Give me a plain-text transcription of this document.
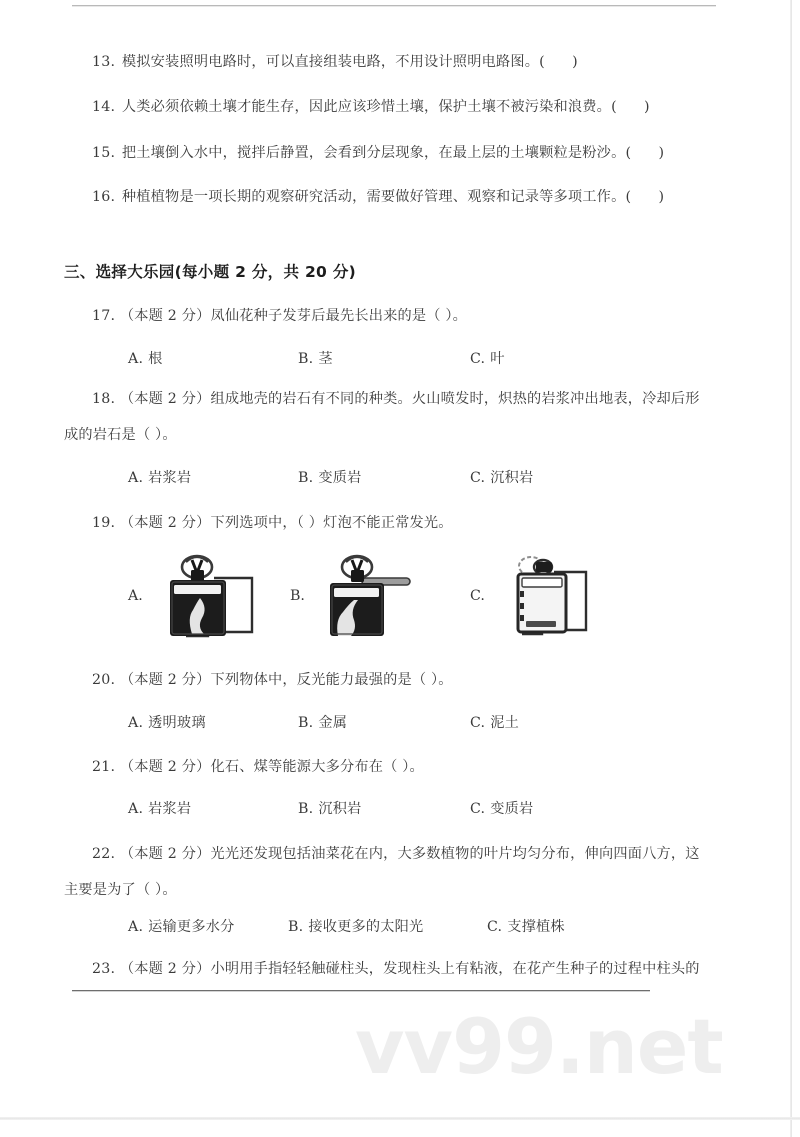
13. 模拟安装照明电路时，可以直接组装电路，不用设计照明电路图。( )
14. 人类必须依赖土壤才能生存，因此应该珍惜土壤，保护土壤不被污染和浪费。( )
15. 把土壤倒入水中，搅拌后静置，会看到分层现象，在最上层的土壤颗粒是粉沙。( )
16. 种植植物是一项长期的观察研究活动，需要做好管理、观察和记录等多项工作。( )
三、选择大乐园(每小题 2 分，共 20 分)
17. （本题 2 分）凤仙花种子发芽后最先长出来的是（ ）。
A. 根	B. 茎	C. 叶
18. （本题 2 分）组成地壳的岩石有不同的种类。火山喷发时，炽热的岩浆冲出地表，冷却后形
成的岩石是（ ）。
A. 岩浆岩	B. 变质岩	C. 沉积岩
19. （本题 2 分）下列选项中，（ ）灯泡不能正常发光。
A.	B.	C.
20. （本题 2 分）下列物体中，反光能力最强的是（ ）。
A. 透明玻璃	B. 金属	C. 泥土
21. （本题 2 分）化石、煤等能源大多分布在（ ）。
A. 岩浆岩	B. 沉积岩	C. 变质岩
22. （本题 2 分）光光还发现包括油菜花在内，大多数植物的叶片均匀分布，伸向四面八方，这
主要是为了（ ）。
A. 运输更多水分	B. 接收更多的太阳光	C. 支撑植株
23. （本题 2 分）小明用手指轻轻触碰柱头，发现柱头上有粘液，在花产生种子的过程中柱头的
vv99.net
